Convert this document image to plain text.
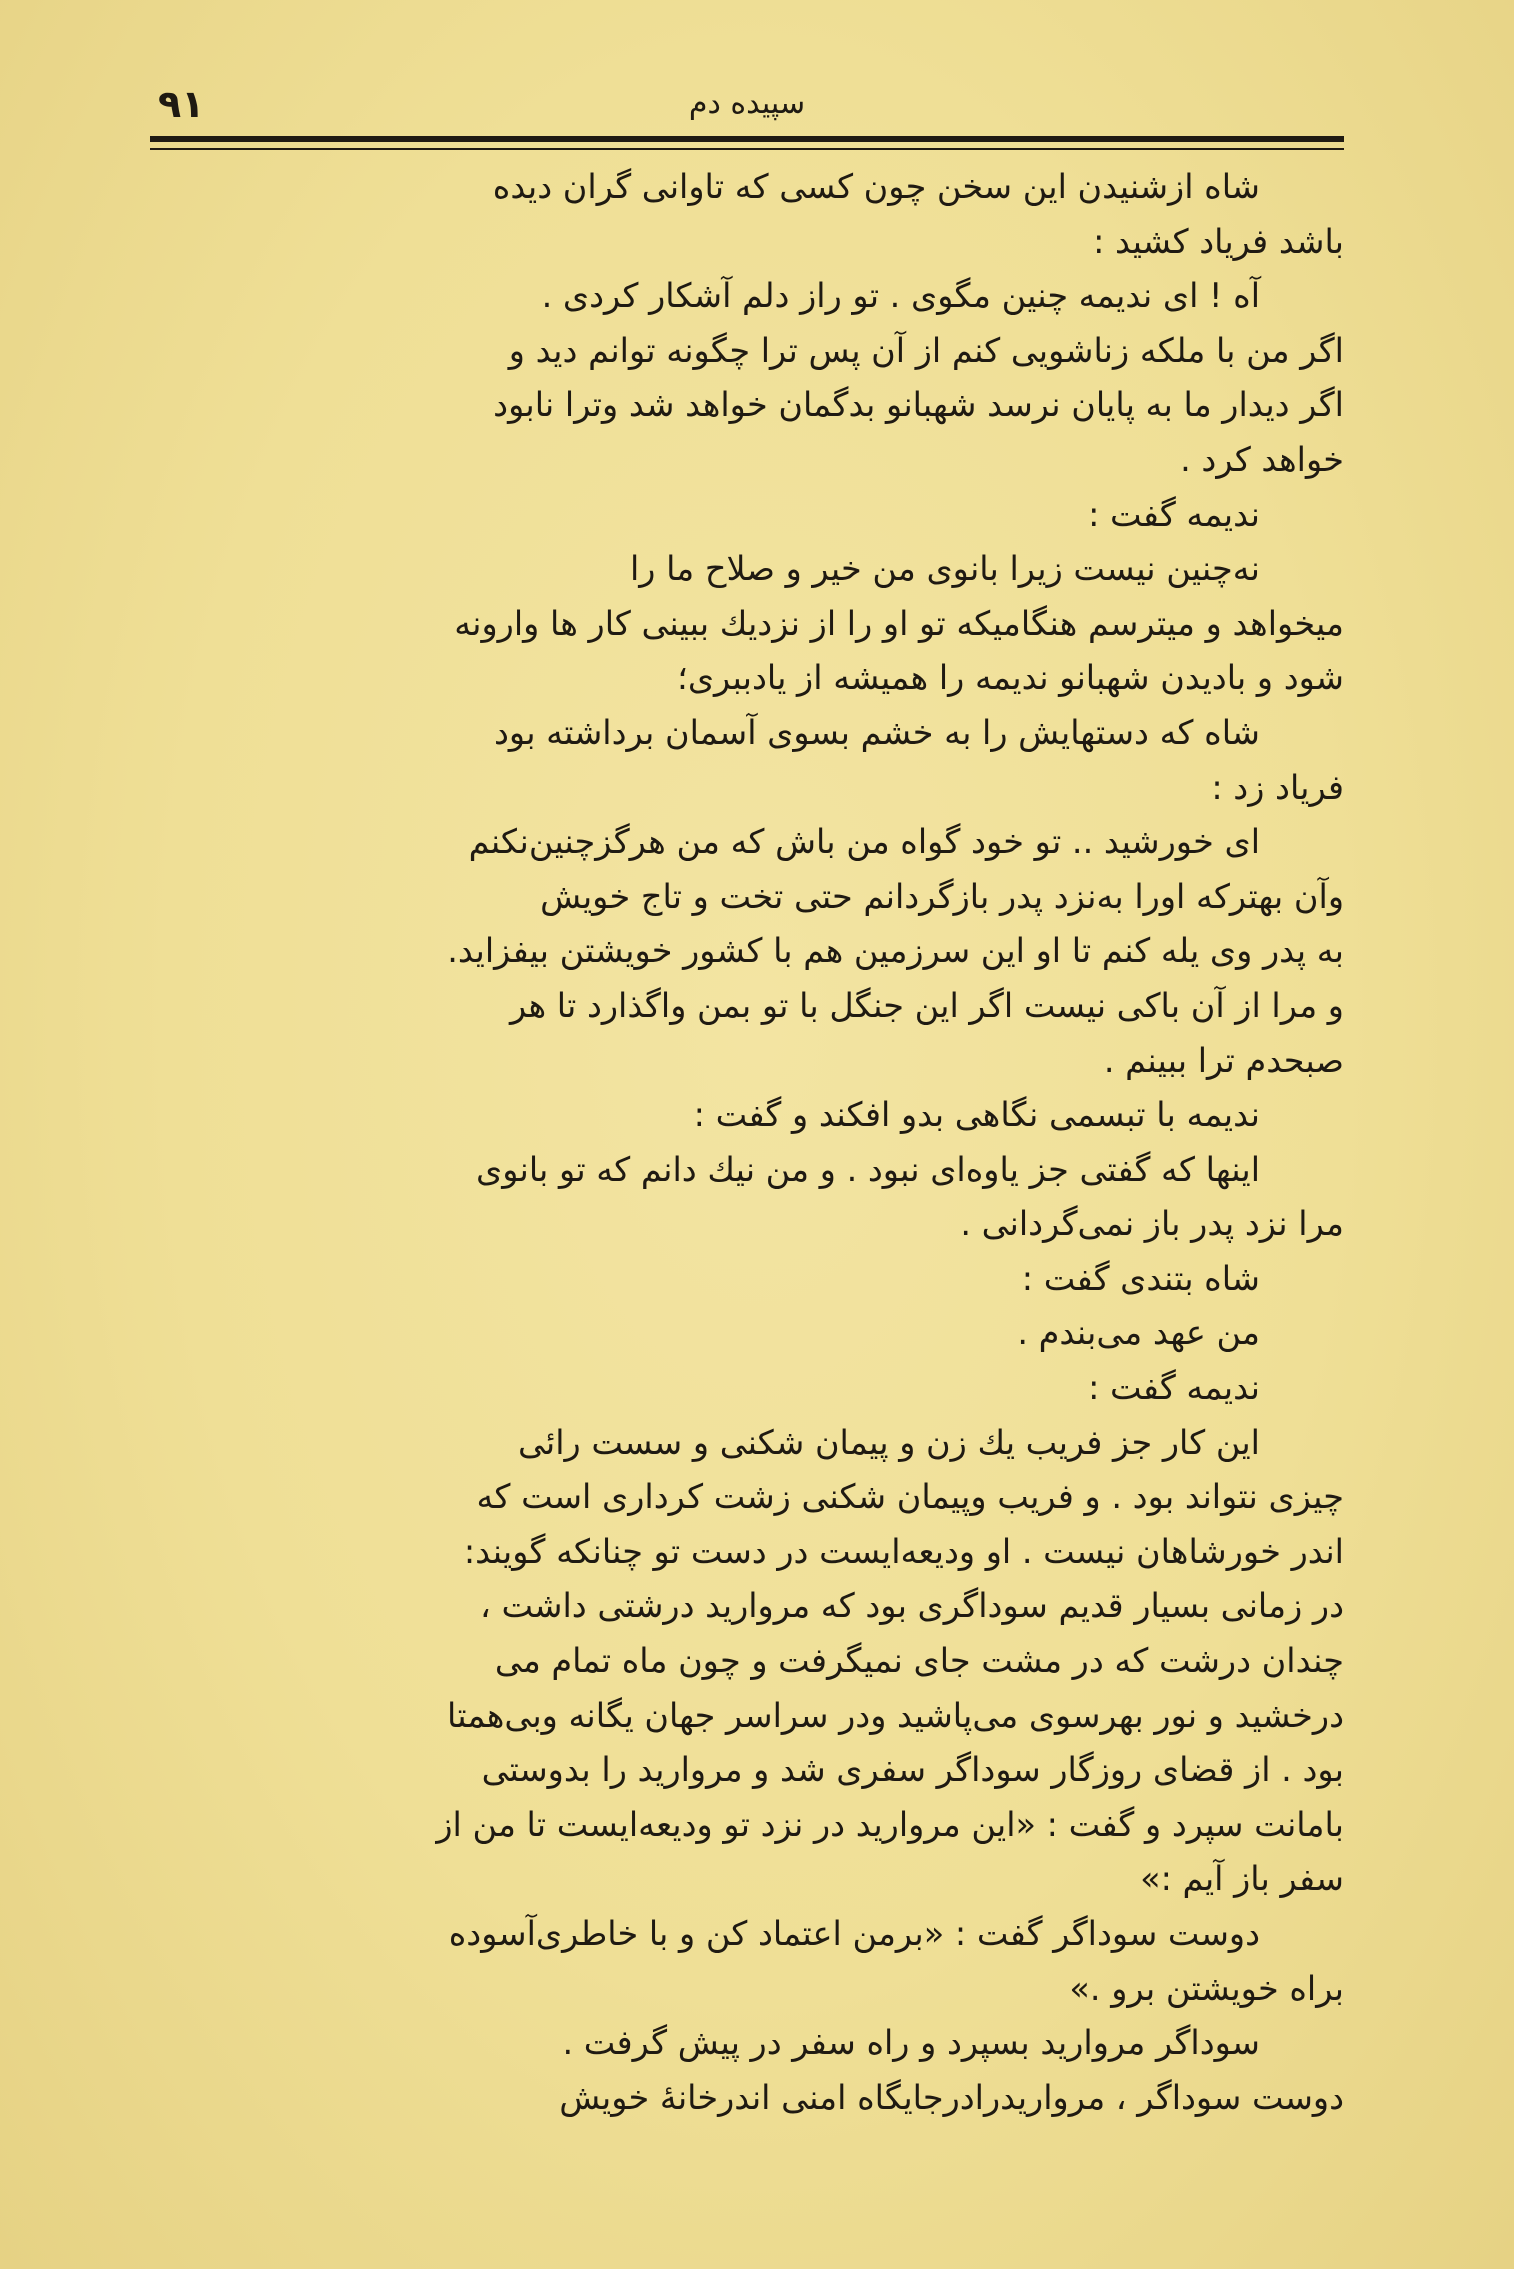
۹۱	سپیده دم
شاه ازشنیدن این سخن چون کسی که تاوانی گران دیده
باشد فریاد کشید :
آه ! ای ندیمه چنین مگوی . تو راز دلم آشکار کردی .
اگر من با ملکه زناشویی کنم از آن پس ترا چگونه توانم دید و
اگر دیدار ما به پایان نرسد شهبانو بدگمان خواهد شد وترا نابود
خواهد کرد .
ندیمه گفت :
نه‌چنین نیست زیرا بانوی من خیر و صلاح ما را
میخواهد و میترسم هنگامیکه تو او را از نزدیك ببینی کار ها وارونه
شود و بادیدن شهبانو ندیمه را همیشه از یادببری؛
شاه که دستهایش را به خشم بسوی آسمان برداشته بود
فریاد زد :
ای خورشید .. تو خود گواه من باش که من هرگزچنین‌نکنم
وآن بهترکه اورا به‌نزد پدر بازگردانم حتی تخت و تاج خویش
به پدر وی یله کنم تا او این سرزمین هم با کشور خویشتن بیفزاید.
و مرا از آن باکی نیست اگر این جنگل با تو بمن واگذارد تا هر
صبحدم ترا ببینم .
ندیمه با تبسمی نگاهی بدو افکند و گفت :
اینها که گفتی جز یاوه‌ای نبود . و من نیك دانم که تو بانوی
مرا نزد پدر باز نمی‌گردانی .
شاه بتندی گفت :
من عهد می‌بندم .
ندیمه گفت :
این کار جز فریب یك زن و پیمان شکنی و سست رائی
چیزی نتواند بود . و فریب وپیمان شکنی زشت کرداری است که
اندر خورشاهان نیست . او ودیعه‌ایست در دست تو چنانکه گویند:
در زمانی بسیار قدیم سوداگری بود که مروارید درشتی داشت ،
چندان درشت که در مشت جای نمیگرفت و چون ماه تمام می
درخشید و نور بهرسوی می‌پاشید ودر سراسر جهان یگانه وبی‌همتا
بود . از قضای روزگار سوداگر سفری شد و مروارید را بدوستی
بامانت سپرد و گفت : «این مروارید در نزد تو ودیعه‌ایست تا من از
سفر باز آیم :»
دوست سوداگر گفت : «برمن اعتماد کن و با خاطری‌آسوده
براه خویشتن برو .»
سوداگر مروارید بسپرد و راه سفر در پیش گرفت .
دوست سوداگر ، مرواریدرادرجایگاه امنی اندرخانهٔ خویش
